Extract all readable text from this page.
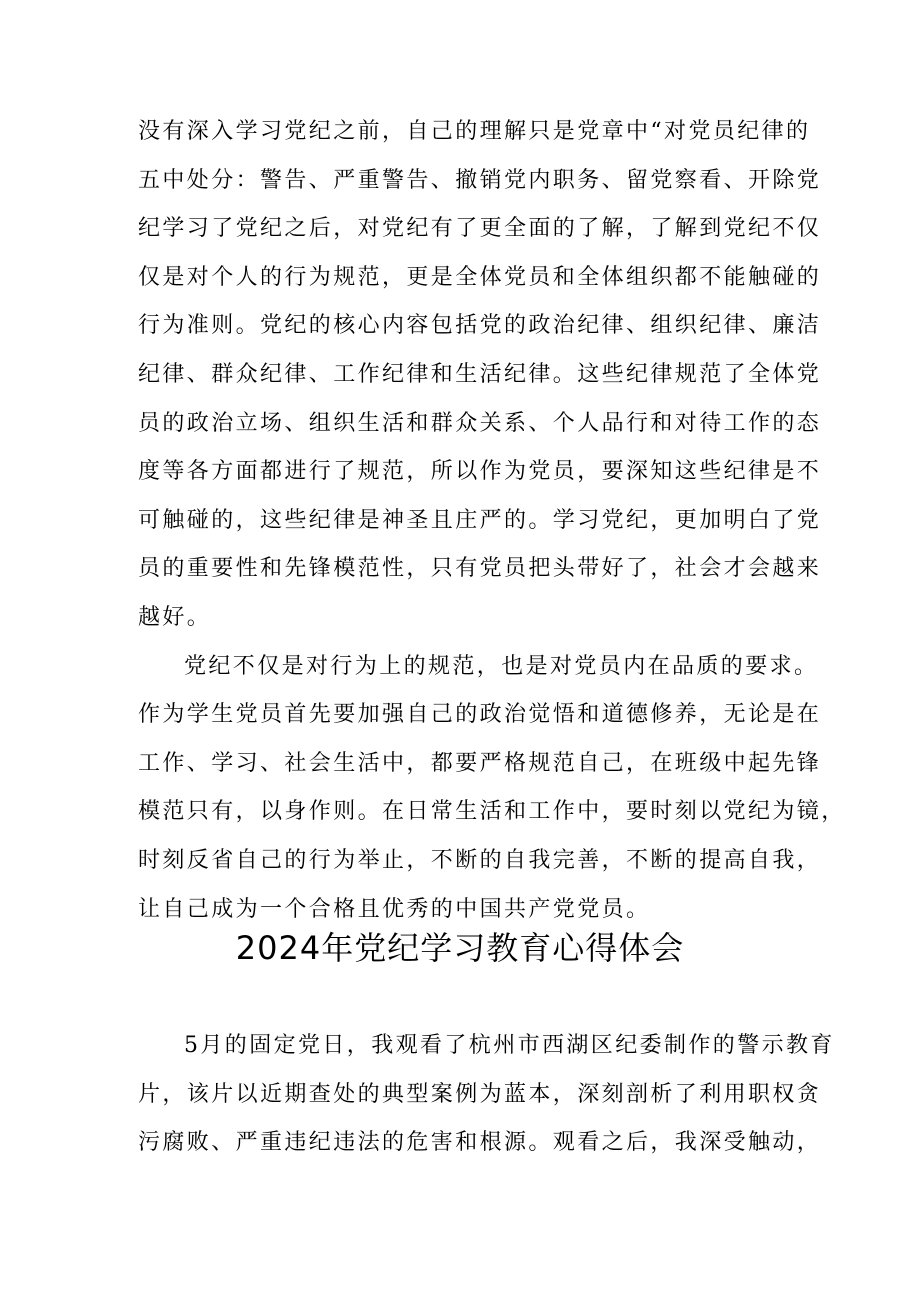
没有深入学习党纪之前，自己的理解只是党章中“对党员纪律的
五中处分：警告、严重警告、撤销党内职务、留党察看、开除党
纪学习了党纪之后，对党纪有了更全面的了解，了解到党纪不仅
仅是对个人的行为规范，更是全体党员和全体组织都不能触碰的
行为准则。党纪的核心内容包括党的政治纪律、组织纪律、廉洁
纪律、群众纪律、工作纪律和生活纪律。这些纪律规范了全体党
员的政治立场、组织生活和群众关系、个人品行和对待工作的态
度等各方面都进行了规范，所以作为党员，要深知这些纪律是不
可触碰的，这些纪律是神圣且庄严的。学习党纪，更加明白了党
员的重要性和先锋模范性，只有党员把头带好了，社会才会越来
越好。
党纪不仅是对行为上的规范，也是对党员内在品质的要求。
作为学生党员首先要加强自己的政治觉悟和道德修养，无论是在
工作、学习、社会生活中，都要严格规范自己，在班级中起先锋
模范只有，以身作则。在日常生活和工作中，要时刻以党纪为镜，
时刻反省自己的行为举止，不断的自我完善，不断的提高自我，
让自己成为一个合格且优秀的中国共产党党员。
2024年党纪学习教育心得体会
5月的固定党日，我观看了杭州市西湖区纪委制作的警示教育
片，该片以近期查处的典型案例为蓝本，深刻剖析了利用职权贪
污腐败、严重违纪违法的危害和根源。观看之后，我深受触动，
